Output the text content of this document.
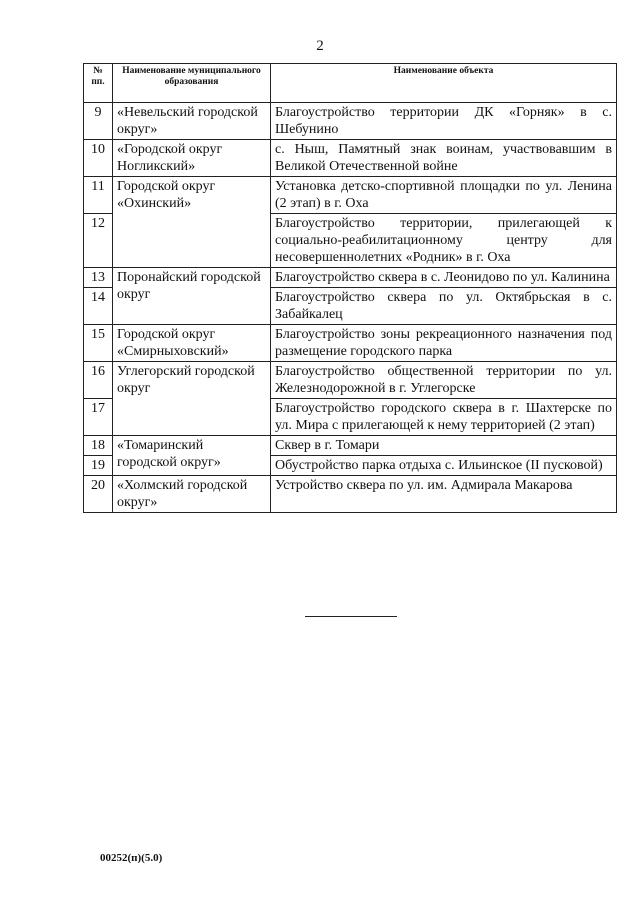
2
№ пп.	Наименование муниципального образования	Наименование объекта
9	«Невельский городской округ»	Благоустройство территории ДК «Горняк» в с. Шебунино
10	«Городской округ Ногликский»	с. Ныш, Памятный знак воинам, участвовавшим в Великой Отечественной войне
11	Городской округ «Охинский»	Установка детско-спортивной площадки по ул. Ленина (2 этап) в г. Оха
12		Благоустройство территории, прилегающей к социально-реабилитационному центру для несовершеннолетних «Родник» в г. Оха
13	Поронайский городской округ	Благоустройство сквера в с. Леонидово по ул. Калинина
14		Благоустройство сквера по ул. Октябрьская в с. Забайкалец
15	Городской округ «Смирныховский»	Благоустройство зоны рекреационного назначения под размещение городского парка
16	Углегорский городской округ	Благоустройство общественной территории по ул. Железнодорожной в г. Углегорске
17		Благоустройство городского сквера в г. Шахтерске по ул. Мира с прилегающей к нему территорией (2 этап)
18	«Томаринский городской округ»	Сквер в г. Томари
19		Обустройство парка отдыха с. Ильинское (II пусковой)
20	«Холмский городской округ»	Устройство сквера по ул. им. Адмирала Макарова
00252(п)(5.0)
